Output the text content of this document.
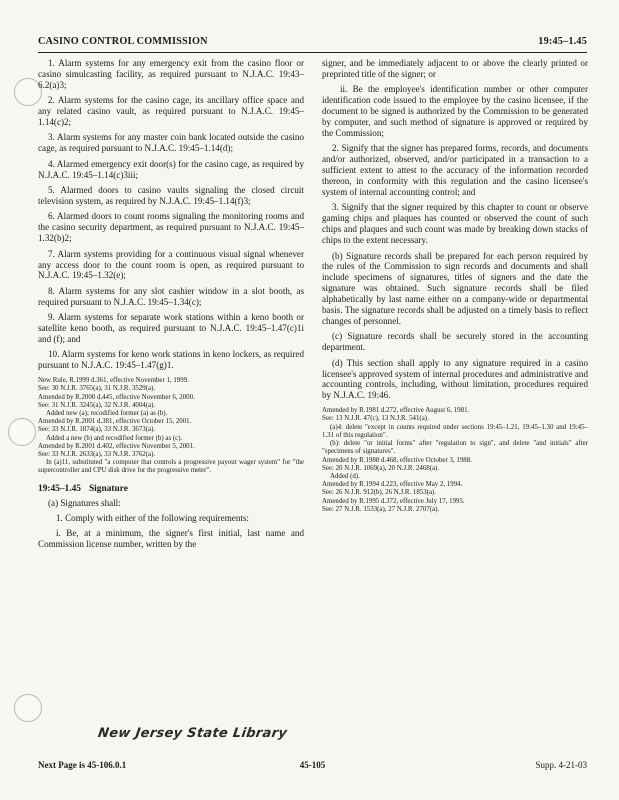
CASINO CONTROL COMMISSION	19:45–1.45

1. Alarm systems for any emergency exit from the casino floor or casino simulcasting facility, as required pursuant to N.J.A.C. 19:43–6.2(a)3;

2. Alarm systems for the casino cage, its ancillary office space and any related casino vault, as required pursuant to N.J.A.C. 19:45–1.14(c)2;

3. Alarm systems for any master coin bank located outside the casino cage, as required pursuant to N.J.A.C. 19:45–1.14(d);

4. Alarmed emergency exit door(s) for the casino cage, as required by N.J.A.C. 19:45–1.14(c)3iii;

5. Alarmed doors to casino vaults signaling the closed circuit television system, as required by N.J.A.C. 19:45–1.14(f)3;

6. Alarmed doors to count rooms signaling the monitoring rooms and the casino security department, as required pursuant to N.J.A.C. 19:45–1.32(b)2;

7. Alarm systems providing for a continuous visual signal whenever any access door to the count room is open, as required pursuant to N.J.A.C. 19:45–1.32(e);

8. Alarm systems for any slot cashier window in a slot booth, as required pursuant to N.J.A.C. 19:45–1.34(c);

9. Alarm systems for separate work stations within a keno booth or satellite keno booth, as required pursuant to N.J.A.C. 19:45–1.47(c)1i and (f); and

10. Alarm systems for keno work stations in keno lockers, as required pursuant to N.J.A.C. 19:45–1.47(g)1.

New Rule, R.1999 d.361, effective November 1, 1999.
See: 30 N.J.R. 3765(a), 31 N.J.R. 3529(a).
Amended by R.2000 d.445, effective November 6, 2000.
See: 31 N.J.R. 3245(a), 32 N.J.R. 4004(a).
Added new (a); recodified former (a) as (b).
Amended by R.2001 d.381, effective October 15, 2001.
See: 33 N.J.R. 1874(a), 33 N.J.R. 3673(a).
Added a new (b) and recodified former (b) as (c).
Amended by R.2001 d.402, effective November 5, 2001.
See: 33 N.J.R. 2633(a), 33 N.J.R. 3762(a).
In (a)11, substituted "a computer that controls a progressive payout wager system" for "the supercontroller and CPU disk drive for the progressive meter".
19:45–1.45 Signature

(a) Signatures shall:

1. Comply with either of the following requirements:

i. Be, at a minimum, the signer's first initial, last name and Commission license number, written by the

signer, and be immediately adjacent to or above the clearly printed or preprinted title of the signer; or

ii. Be the employee's identification number or other computer identification code issued to the employee by the casino licensee, if the document to be signed is authorized by the Commission to be generated by computer, and such method of signature is approved or required by the Commission;

2. Signify that the signer has prepared forms, records, and documents and/or authorized, observed, and/or participated in a transaction to a sufficient extent to attest to the accuracy of the information recorded thereon, in conformity with this regulation and the casino licensee's system of internal accounting control; and

3. Signify that the signer required by this chapter to count or observe gaming chips and plaques has counted or observed the count of such chips and plaques and such count was made by breaking down stacks of chips to the extent necessary.

(b) Signature records shall be prepared for each person required by the rules of the Commission to sign records and documents and shall include specimens of signatures, titles of signers and the date the signature was obtained. Such signature records shall be filed alphabetically by last name either on a company-wide or departmental basis. The signature records shall be adjusted on a timely basis to reflect changes of personnel.

(c) Signature records shall be securely stored in the accounting department.

(d) This section shall apply to any signature required in a casino licensee's approved system of internal procedures and administrative and accounting controls, including, without limitation, procedures required by N.J.A.C. 19:46.

Amended by R.1981 d.272, effective August 6, 1981.
See: 13 N.J.R. 47(c), 13 N.J.R. 541(a).
(a)4: delete "except in counts required under sections 19:45–1.21, 19:45–1.30 and 19:45–1.31 of this regulation".
(b): delete "or initial forms" after "regulation to sign", and delete "and initials" after "specimens of signatures".
Amended by R.1988 d.468, effective October 3, 1988.
See: 20 N.J.R. 1069(a), 20 N.J.R. 2468(a).
Added (d).
Amended by R.1994 d.223, effective May 2, 1994.
See: 26 N.J.R. 912(b), 26 N.J.R. 1853(a).
Amended by R.1995 d.372, effective July 17, 1995.
See: 27 N.J.R. 1533(a), 27 N.J.R. 2707(a).
New Jersey State Library
45-105
Next Page is 45-106.0.1	Supp. 4-21-03
